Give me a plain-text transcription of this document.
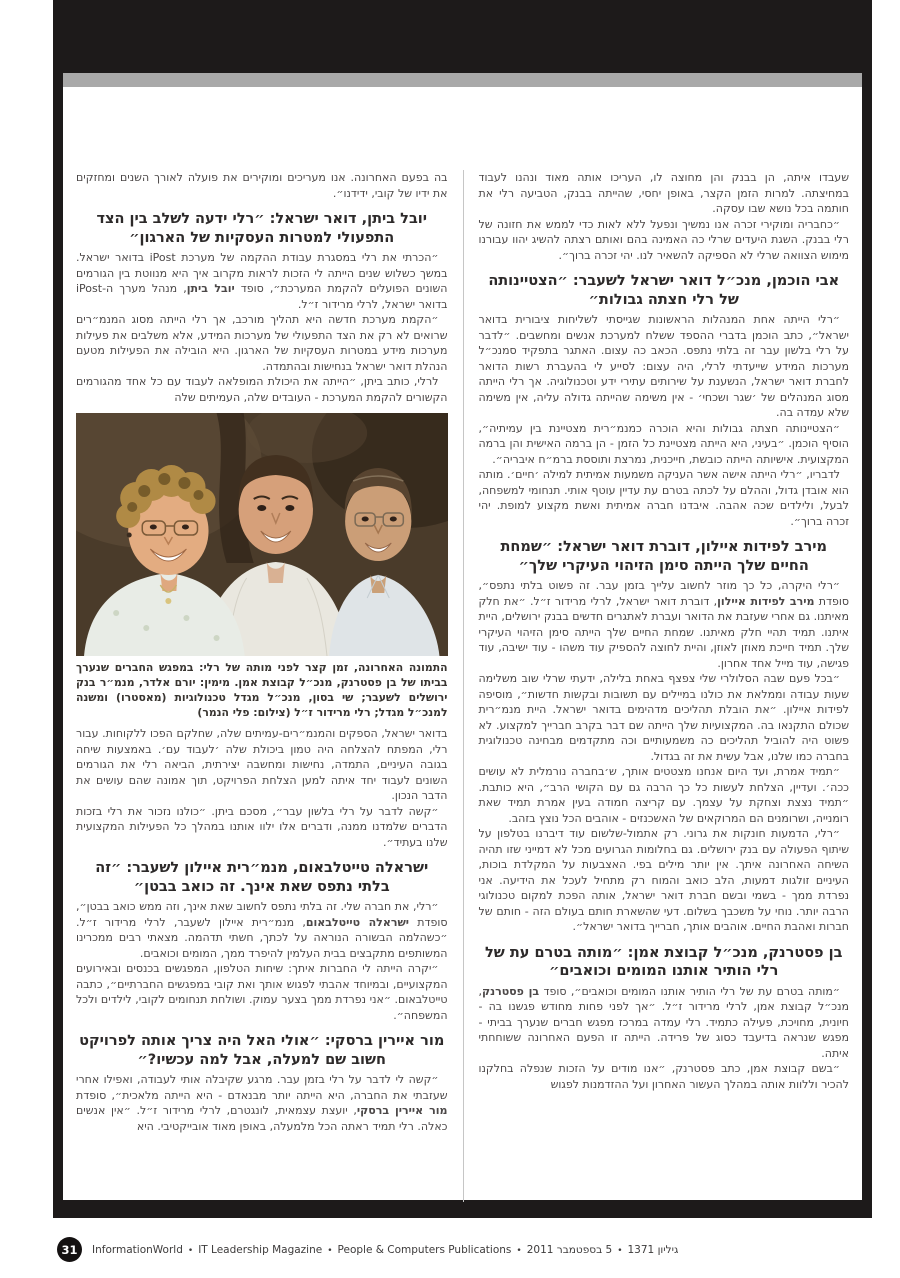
שעבדו איתה, הן בבנק והן מחוצה לו, העריכו אותה מאוד ונהנו לעבוד במחיצתה. למרות הזמן הקצר, באופן יחסי, שהייתה בבנק, הטביעה רלי את חותמה בכל נושא שבו עסקה.

״כחבריה ומוקירי זכרה אנו נמשיך ונפעל ללא לאות כדי לממש את חזונה של רלי בבנק. השגת היעדים שרלי כה האמינה בהם ואותם רצתה להשיג יהוו עבורנו מימוש הצוואה שרלי לא הספיקה להשאיר לנו. יהי זכרה ברוך״.

אבי הוכמן, מנכ״ל דואר ישראל לשעבר: ״הצטיינותה של רלי חצתה גבולות״

״רלי הייתה אחת המנהלות הראשונות שגייסתי לשליחות ציבורית בדואר ישראל״, כתב הוכמן בדברי ההספד ששלח למערכת אנשים ומחשבים. ״לדבר על רלי בלשון עבר זה בלתי נתפס. הכאב כה עצום. האתגר בתפקיד סמנכ״ל מערכות המידע שייעדתי לרלי, היה עצום: לסייע לי בהעברת רשות הדואר לחברת דואר ישראל, הנשענת על שירותים עתירי ידע וטכנולוגיה. אך רלי הייתה מסוג המנהלים של ׳שגר ושכחי׳ - אין משימה שהייתה גדולה עליה, אין משימה שלא עמדה בה.

״הצטיינותה חצתה גבולות והיא הוכרה כמנמ״רית מצטיינת בין עמיתיה״, הוסיף הוכמן. ״בעיני, היא הייתה מצטיינת כל הזמן - הן ברמה האישית והן ברמה המקצועית. אישיותה הייתה כובשת, חייכנית, נמרצת ותוססת ברמ״ח איבריה״.

לדבריו, ״רלי הייתה אישה אשר העניקה משמעות אמיתית למילה ׳חיים׳. מותה הוא אובדן גדול, וההלם על לכתה בטרם עת עדיין עוטף אותי. תנחומי למשפחה, לבעל, ולילדים שכה אהבה. איבדנו חברה אמיתית ואשת מקצוע למופת. יהי זכרה ברוך״.

מירב לפידות איילון, דוברת דואר ישראל: ״שמחת החיים שלך הייתה סימן הזיהוי העיקרי שלך״

״רלי היקרה, כל כך מוזר לחשוב עלייך בזמן עבר. זה פשוט בלתי נתפס״, סופדת מירב לפידות איילון, דוברת דואר ישראל, לרלי מרידור ז״ל. ״את חלק מאיתנו. גם אחרי שעזבת את הדואר ועברת לאתגרים חדשים בבנק ירושלים, היית איתנו. תמיד תהיי חלק מאיתנו. שמחת החיים שלך הייתה סימן הזיהוי העיקרי שלך. תמיד חייכת מאוזן לאוזן, והיית לחוצה להספיק עוד משהו - עוד ישיבה, עוד פגישה, עוד מייל אחד אחרון.

״בכל פעם שבה הסלולרי שלי צפצף באחת בלילה, ידעתי שרלי שוב משלימה שעות עבודה וממלאת את כולנו במיילים עם תשובות ובקשות חדשות״, מוסיפה לפידות איילון. ״את הובלת תהליכים מדהימים בדואר ישראל. היית מנמ״רית שכולם התקנאו בה. המקצועיות שלך הייתה שם דבר בקרב חברייך למקצוע. לא פשוט היה להוביל תהליכים כה משמעותיים וכה מתקדמים מבחינה טכנולוגית בחברה כמו שלנו, אבל עשית את זה בגדול.

״תמיד אמרת, ועד היום אנחנו מצטטים אותך, ש׳בחברה נורמלית לא עושים ככה׳. ועדיין, הצלחת לעשות כל כך הרבה גם עם הקושי הרב״, היא כותבת. ״תמיד נצצת וצחקת על עצמך. עם קריצה חמודה בעין אמרת תמיד שאת רומנייה, ושרומנים הם המרוקאים של האשכנזים - אוהבים הכל נוצץ בזהב.

״רלי, הדמעות חונקות את גרוני. רק אתמול-שלשום עוד דיברנו בטלפון על שיתוף הפעולה עם בנק ירושלים. גם בחלומות הגרועים מכל לא דמייני שזו תהיה השיחה האחרונה איתך. אין יותר מילים בפי. האצבעות על המקלדת בוכות, העיניים זולגות דמעות, הלב כואב והמוח רק מתחיל לעכל את הידיעה. אני נפרדת ממך - בשמי ובשם חברת דואר ישראל, אותה הפכת למקום טכנולוגי הרבה יותר. נוחי על משכבך בשלום. דעי שהשארת חותם בעולם הזה - חותם של חברות ואהבת החיים. אוהבים אותך, חברייך בדואר ישראל״.

בן פסטרנק, מנכ״ל קבוצת אמן: ״מותה בטרם עת של רלי הותיר אותנו המומים וכואבים״

״מותה בטרם עת של רלי הותיר אותנו המומים וכואבים״, סופד בן פסטרנק, מנכ״ל קבוצת אמן, לרלי מרידור ז״ל. ״אך לפני פחות מחודש פגשנו בה - חיונית, מחויכת, פעילה כתמיד. רלי עמדה במרכז מפגש חברים שנערך בביתי - מפגש שנראה בדיעבד כסוג של פרידה. הייתה זו הפעם האחרונה ששוחחתי איתה.

״בשם קבוצת אמן, כתב פסטרנק, ״אנו מודים על הזכות שנפלה בחלקנו להכיר וללוות אותה במהלך העשור האחרון ועל ההזדמנות לפגוש

בה בפעם האחרונה. אנו מעריכים ומוקירים את פועלה לאורך השנים ומחזקים את ידיו של קובי, ידידנו״.

יובל ביתן, דואר ישראל: ״רלי ידעה לשלב בין הצד התפעולי למטרות העסקיות של הארגון״

״הכרתי את רלי במסגרת עבודת ההקמה של מערכת iPost בדואר ישראל. במשך כשלוש שנים הייתה לי הזכות לראות מקרוב איך היא מנווטת בין הגורמים השונים הפועלים להקמת המערכת״, סופד יובל ביתן, מנהל מערך ה-iPost בדואר ישראל, לרלי מרידור ז״ל.

״הקמת מערכת חדשה היא תהליך מורכב, אך רלי הייתה מסוג המנמ״רים שרואים לא רק את הצד התפעולי של מערכות המידע, אלא משלבים את פעילות מערכות מידע במטרות העסקיות של הארגון. היא הובילה את הפעילות מטעם הנהלת דואר ישראל בנחישות ובהתמדה.

לרלי, כותב ביתן, ״הייתה את היכולת המופלאה לעבוד עם כל אחד מהגורמים הקשורים להקמת המערכת - העובדים שלה, העמיתים שלה

התמונה האחרונה, זמן קצר לפני מותה של רלי: במפגש החברים שנערך בביתו של בן פסטרנק, מנכ״ל קבוצת אמן. מימין: יורם אלדר, מנמ״ר בנק ירושלים לשעבר; שי בסון, מנכ״ל מגדל טכנולוגיות (מאסטרו) ומשנה למנכ״ל מגדל; רלי מרידור ז״ל (צילום: פלי הנמר)

בדואר ישראל, הספקים והמנמ״רים-עמיתים שלה, שחלקם הפכו ללקוחות. עבור רלי, המפתח להצלחה היה טמון ביכולת שלה ׳לעבוד עם׳. באמצעות שיחה בגובה העיניים, התמדה, נחישות ומחשבה יצירתית, הביאה רלי את הגורמים השונים לעבוד יחד איתה למען הצלחת הפרויקט, תוך אמונה שהם עושים את הדבר הנכון.

״קשה לדבר על רלי בלשון עבר״, מסכם ביתן. ״כולנו נזכור את רלי בזכות הדברים שלמדנו ממנה, ודברים אלו ילוו אותנו במהלך כל הפעילות המקצועית שלנו בעתיד״.

ישראלה טייטלבאום, מנמ״רית איילון לשעבר: ״זה בלתי נתפס שאת אינך. זה כואב בבטן״

״רלי, את חברה שלי. זה בלתי נתפס לחשוב שאת אינך, וזה ממש כואב בבטן״, סופדת ישראלה טייטלבאום, מנמ״רית איילון לשעבר, לרלי מרידור ז״ל. ״כשהלמה הבשורה הנוראה על לכתך, חשתי תדהמה. מצאתי רבים ממכרינו המשותפים מתקבצים בבית העלמין להיפרד ממך, המומים וכואבים.

״יקרה הייתה לי החברות איתך: שיחות הטלפון, המפגשים בכנסים ובאירועים המקצועיים, ובמיוחד אהבתי לפגוש אותך ואת קובי במפגשים החברתיים״, כתבה טייטלבאום. ״אני נפרדת ממך בצער עמוק. ושולחת תנחומים לקובי, לילדים ולכל המשפחה״.

מור איירין ברסקי: ״אולי האל היה צריך אותה לפרויקט חשוב שם למעלה, אבל למה עכשיו?״

״קשה לי לדבר על רלי בזמן עבר. מרגע שקיבלה אותי לעבודה, ואפילו אחרי שעזבתי את החברה, היא הייתה יותר מבנאדם - היא הייתה מלאכית״, סופדת מור איירין ברסקי, יועצת עצמאית, לונגטרם, לרלי מרידור ז״ל. ״אין אנשים כאלה. רלי תמיד ראתה הכל מלמעלה, באופן מאוד אובייקטיבי. היא

31	InformationWorld • IT Leadership Magazine • People & Computers Publications • 5 בספטמבר 2011 • גיליון 1371
